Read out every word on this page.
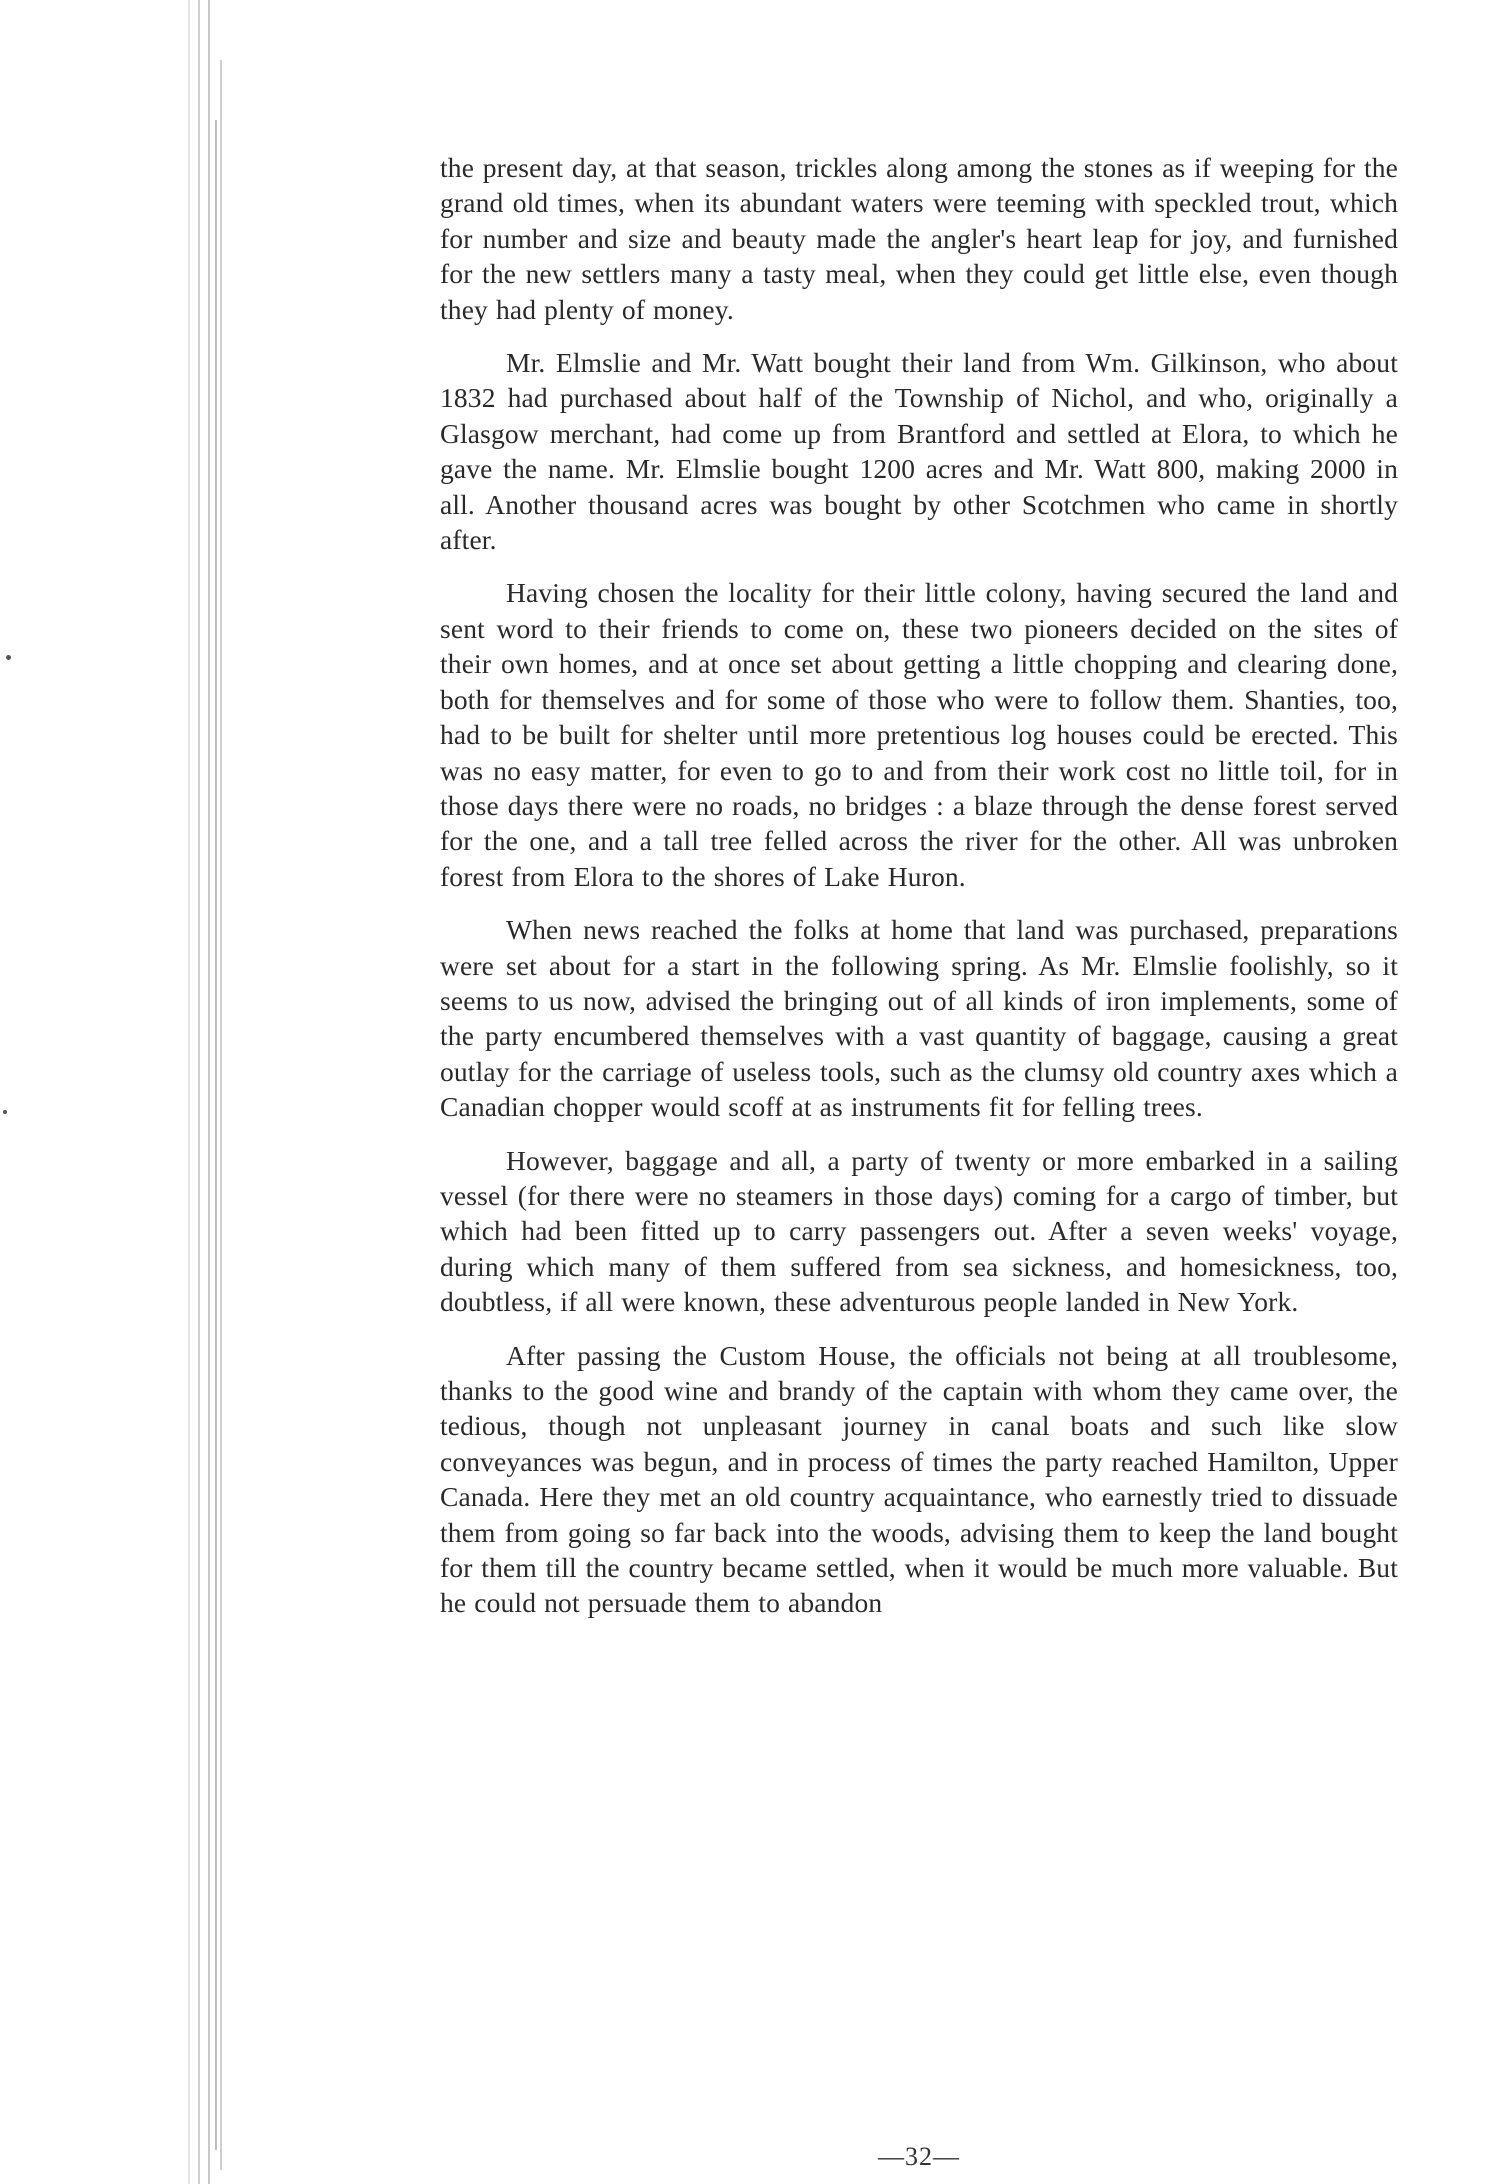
the present day, at that season, trickles along among the stones as if weeping for the grand old times, when its abundant waters were teeming with speckled trout, which for number and size and beauty made the angler's heart leap for joy, and furnished for the new settlers many a tasty meal, when they could get little else, even though they had plenty of money.

Mr. Elmslie and Mr. Watt bought their land from Wm. Gilkinson, who about 1832 had purchased about half of the Township of Nichol, and who, originally a Glasgow merchant, had come up from Brantford and settled at Elora, to which he gave the name. Mr. Elmslie bought 1200 acres and Mr. Watt 800, making 2000 in all. Another thousand acres was bought by other Scotchmen who came in shortly after.

Having chosen the locality for their little colony, having secured the land and sent word to their friends to come on, these two pioneers decided on the sites of their own homes, and at once set about getting a little chopping and clearing done, both for themselves and for some of those who were to follow them. Shanties, too, had to be built for shelter until more pretentious log houses could be erected. This was no easy matter, for even to go to and from their work cost no little toil, for in those days there were no roads, no bridges : a blaze through the dense forest served for the one, and a tall tree felled across the river for the other. All was unbroken forest from Elora to the shores of Lake Huron.

When news reached the folks at home that land was purchased, preparations were set about for a start in the following spring. As Mr. Elmslie foolishly, so it seems to us now, advised the bringing out of all kinds of iron implements, some of the party encumbered themselves with a vast quantity of baggage, causing a great outlay for the carriage of useless tools, such as the clumsy old country axes which a Canadian chopper would scoff at as instruments fit for felling trees.

However, baggage and all, a party of twenty or more embarked in a sailing vessel (for there were no steamers in those days) coming for a cargo of timber, but which had been fitted up to carry passengers out. After a seven weeks' voyage, during which many of them suffered from sea sickness, and homesickness, too, doubtless, if all were known, these adventurous people landed in New York.

After passing the Custom House, the officials not being at all troublesome, thanks to the good wine and brandy of the captain with whom they came over, the tedious, though not unpleasant journey in canal boats and such like slow conveyances was begun, and in process of times the party reached Hamilton, Upper Canada. Here they met an old country acquaintance, who earnestly tried to dissuade them from going so far back into the woods, advising them to keep the land bought for them till the country became settled, when it would be much more valuable. But he could not persuade them to abandon

—32—
